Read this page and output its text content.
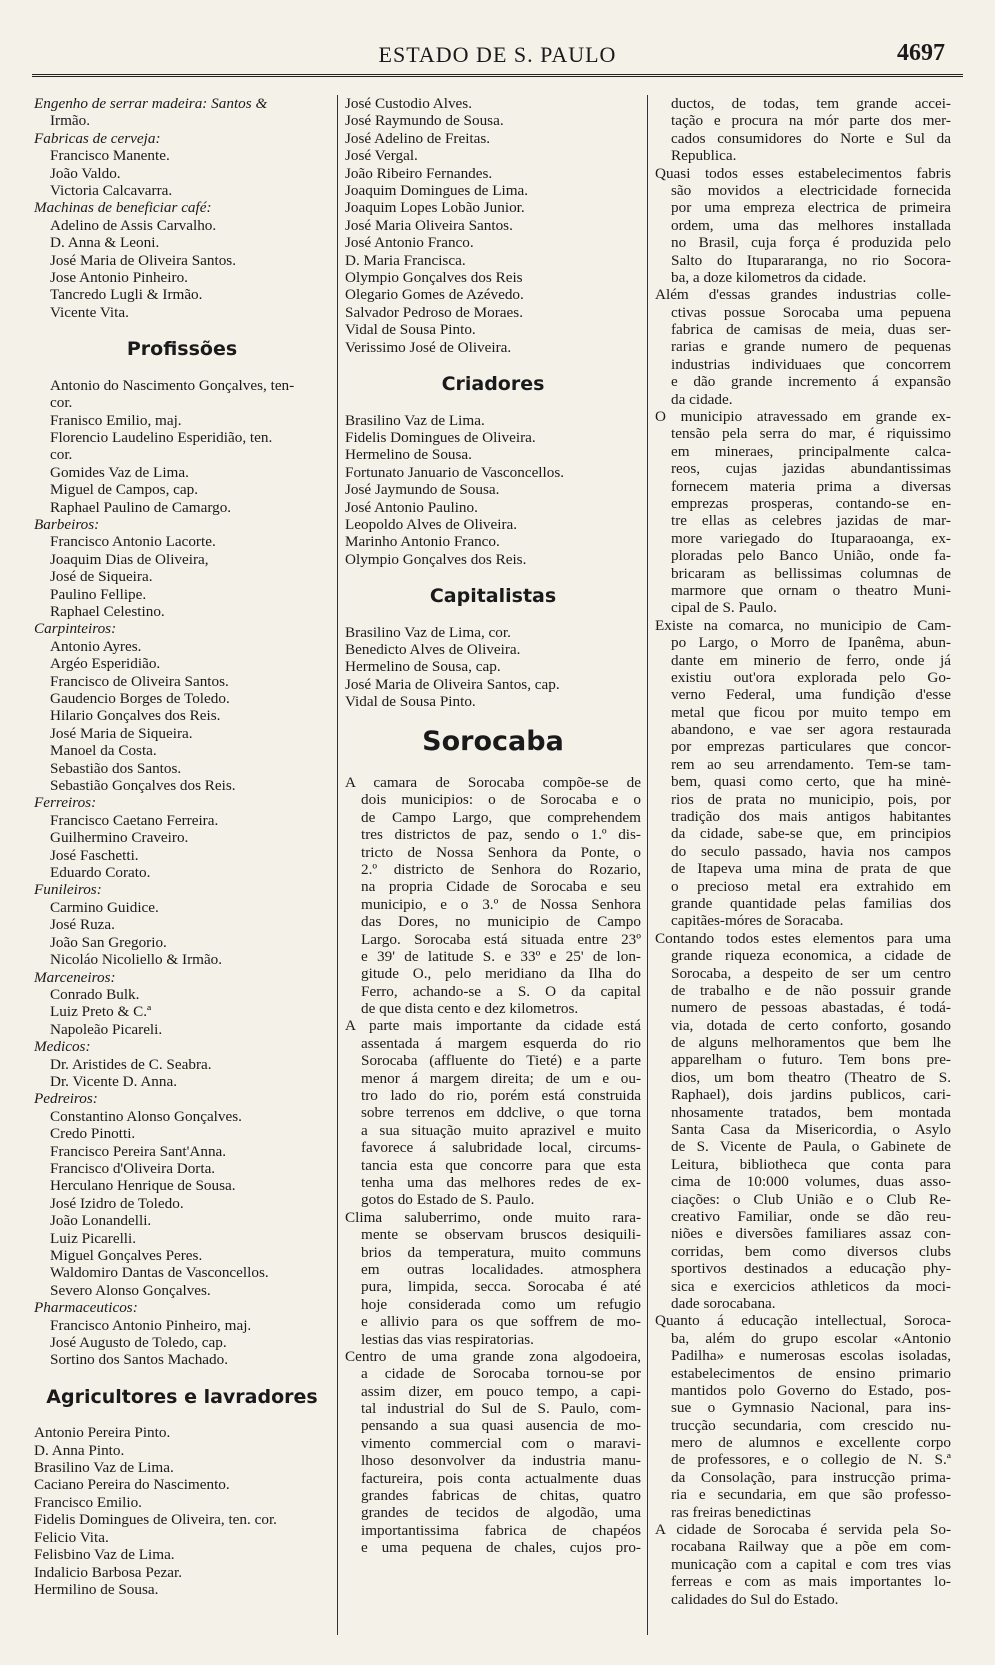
ESTADO DE S. PAULO	4697
Engenho de serrar madeira: Santos &
Irmão.
Fabricas de cerveja:
Francisco Manente.
João Valdo.
Victoria Calcavarra.
Machinas de beneficiar café:
Adelino de Assis Carvalho.
D. Anna & Leoni.
José Maria de Oliveira Santos.
Jose Antonio Pinheiro.
Tancredo Lugli & Irmão.
Vicente Vita.
Profissões
Antonio do Nascimento Gonçalves, ten-
cor.
Franisco Emilio, maj.
Florencio Laudelino Esperidião, ten.
cor.
Gomides Vaz de Lima.
Miguel de Campos, cap.
Raphael Paulino de Camargo.
Barbeiros:
Francisco Antonio Lacorte.
Joaquim Dias de Oliveira,
José de Siqueira.
Paulino Fellipe.
Raphael Celestino.
Carpinteiros:
Antonio Ayres.
Argéo Esperidião.
Francisco de Oliveira Santos.
Gaudencio Borges de Toledo.
Hilario Gonçalves dos Reis.
José Maria de Siqueira.
Manoel da Costa.
Sebastião dos Santos.
Sebastião Gonçalves dos Reis.
Ferreiros:
Francisco Caetano Ferreira.
Guilhermino Craveiro.
José Faschetti.
Eduardo Corato.
Funileiros:
Carmino Guidice.
José Ruza.
João San Gregorio.
Nicoláo Nicoliello & Irmão.
Marceneiros:
Conrado Bulk.
Luiz Preto & C.ª
Napoleão Picareli.
Medicos:
Dr. Aristides de C. Seabra.
Dr. Vicente D. Anna.
Pedreiros:
Constantino Alonso Gonçalves.
Credo Pinotti.
Francisco Pereira Sant'Anna.
Francisco d'Oliveira Dorta.
Herculano Henrique de Sousa.
José Izidro de Toledo.
João Lonandelli.
Luiz Picarelli.
Miguel Gonçalves Peres.
Waldomiro Dantas de Vasconcellos.
Severo Alonso Gonçalves.
Pharmaceuticos:
Francisco Antonio Pinheiro, maj.
José Augusto de Toledo, cap.
Sortino dos Santos Machado.
Agricultores e lavradores
Antonio Pereira Pinto.
D. Anna Pinto.
Brasilino Vaz de Lima.
Caciano Pereira do Nascimento.
Francisco Emilio.
Fidelis Domingues de Oliveira, ten. cor.
Felicio Vita.
Felisbino Vaz de Lima.
Indalicio Barbosa Pezar.
Hermilino de Sousa.
José Custodio Alves.
José Raymundo de Sousa.
José Adelino de Freitas.
José Vergal.
João Ribeiro Fernandes.
Joaquim Domingues de Lima.
Joaquim Lopes Lobão Junior.
José Maria Oliveira Santos.
José Antonio Franco.
D. Maria Francisca.
Olympio Gonçalves dos Reis
Olegario Gomes de Azévedo.
Salvador Pedroso de Moraes.
Vidal de Sousa Pinto.
Verissimo José de Oliveira.
Criadores
Brasilino Vaz de Lima.
Fidelis Domingues de Oliveira.
Hermelino de Sousa.
Fortunato Januario de Vasconcellos.
José Jaymundo de Sousa.
José Antonio Paulino.
Leopoldo Alves de Oliveira.
Marinho Antonio Franco.
Olympio Gonçalves dos Reis.
Capitalistas
Brasilino Vaz de Lima, cor.
Benedicto Alves de Oliveira.
Hermelino de Sousa, cap.
José Maria de Oliveira Santos, cap.
Vidal de Sousa Pinto.
Sorocaba
A camara de Sorocaba compõe-se de
dois municipios: o de Sorocaba e o
de Campo Largo, que comprehendem
tres districtos de paz, sendo o 1.º dis-
tricto de Nossa Senhora da Ponte, o
2.º districto de Senhora do Rozario,
na propria Cidade de Sorocaba e seu
municipio, e o 3.º de Nossa Senhora
das Dores, no municipio de Campo
Largo. Sorocaba está situada entre 23º
e 39' de latitude S. e 33º e 25' de lon-
gitude O., pelo meridiano da Ilha do
Ferro, achando-se a S. O da capital
de que dista cento e dez kilometros.
A parte mais importante da cidade está
assentada á margem esquerda do rio
Sorocaba (affluente do Tieté) e a parte
menor á margem direita; de um e ou-
tro lado do rio, porém está construida
sobre terrenos em ddclive, o que torna
a sua situação muito aprazivel e muito
favorece á salubridade local, circums-
tancia esta que concorre para que esta
tenha uma das melhores redes de ex-
gotos do Estado de S. Paulo.
Clima saluberrimo, onde muito rara-
mente se observam bruscos desiquili-
brios da temperatura, muito communs
em outras localidades. atmosphera
pura, limpida, secca. Sorocaba é até
hoje considerada como um refugio
e allivio para os que soffrem de mo-
lestias das vias respiratorias.
Centro de uma grande zona algodoeira,
a cidade de Sorocaba tornou-se por
assim dizer, em pouco tempo, a capi-
tal industrial do Sul de S. Paulo, com-
pensando a sua quasi ausencia de mo-
vimento commercial com o maravi-
lhoso desonvolver da industria manu-
factureira, pois conta actualmente duas
grandes fabricas de chitas, quatro
grandes de tecidos de algodão, uma
importantissima fabrica de chapéos
e uma pequena de chales, cujos pro-
ductos, de todas, tem grande accei-
tação e procura na mór parte dos mer-
cados consumidores do Norte e Sul da
Republica.
Quasi todos esses estabelecimentos fabris
são movidos a electricidade fornecida
por uma empreza electrica de primeira
ordem, uma das melhores installada
no Brasil, cuja força é produzida pelo
Salto do Itupararanga, no rio Socora-
ba, a doze kilometros da cidade.
Além d'essas grandes industrias colle-
ctivas possue Sorocaba uma pepuena
fabrica de camisas de meia, duas ser-
rarias e grande numero de pequenas
industrias individuaes que concorrem
e dão grande incremento á expansão
da cidade.
O municipio atravessado em grande ex-
tensão pela serra do mar, é riquissimo
em mineraes, principalmente calca-
reos, cujas jazidas abundantissimas
fornecem materia prima a diversas
emprezas prosperas, contando-se en-
tre ellas as celebres jazidas de mar-
more variegado do Ituparaoanga, ex-
ploradas pelo Banco União, onde fa-
bricaram as bellissimas columnas de
marmore que ornam o theatro Muni-
cipal de S. Paulo.
Existe na comarca, no municipio de Cam-
po Largo, o Morro de Ipanêma, abun-
dante em minerio de ferro, onde já
existiu out'ora explorada pelo Go-
verno Federal, uma fundição d'esse
metal que ficou por muito tempo em
abandono, e vae ser agora restaurada
por emprezas particulares que concor-
rem ao seu arrendamento. Tem-se tam-
bem, quasi como certo, que ha minė-
rios de prata no municipio, pois, por
tradição dos mais antigos habitantes
da cidade, sabe-se que, em principios
do seculo passado, havia nos campos
de Itapeva uma mina de prata de que
o precioso metal era extrahido em
grande quantidade pelas familias dos
capitães-móres de Soracaba.
Contando todos estes elementos para uma
grande riqueza economica, a cidade de
Sorocaba, a despeito de ser um centro
de trabalho e de não possuir grande
numero de pessoas abastadas, é todá-
via, dotada de certo conforto, gosando
de alguns melhoramentos que bem lhe
apparelham o futuro. Tem bons pre-
dios, um bom theatro (Theatro de S.
Raphael), dois jardins publicos, cari-
nhosamente tratados, bem montada
Santa Casa da Misericordia, o Asylo
de S. Vicente de Paula, o Gabinete de
Leitura, bibliotheca que conta para
cima de 10:000 volumes, duas asso-
ciações: o Club União e o Club Re-
creativo Familiar, onde se dão reu-
niões e diversões familiares assaz con-
corridas, bem como diversos clubs
sportivos destinados a educação phy-
sica e exercicios athleticos da moci-
dade sorocabana.
Quanto á educação intellectual, Soroca-
ba, além do grupo escolar «Antonio
Padilha» e numerosas escolas isoladas,
estabelecimentos de ensino primario
mantidos polo Governo do Estado, pos-
sue o Gymnasio Nacional, para ins-
trucção secundaria, com crescido nu-
mero de alumnos e excellente corpo
de professores, e o collegio de N. S.ª
da Consolação, para instrucção prima-
ria e secundaria, em que são professo-
ras freiras benedictinas
A cidade de Sorocaba é servida pela So-
rocabana Railway que a põe em com-
municação com a capital e com tres vias
ferreas e com as mais importantes lo-
calidades do Sul do Estado.
